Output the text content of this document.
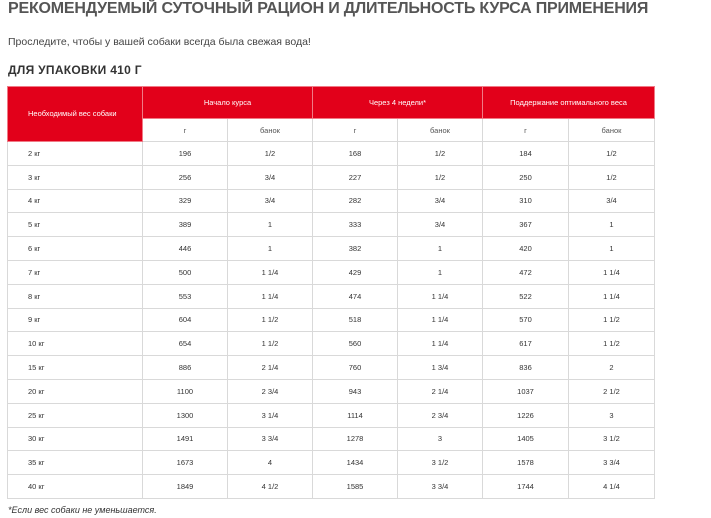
РЕКОМЕНДУЕМЫЙ СУТОЧНЫЙ РАЦИОН И ДЛИТЕЛЬНОСТЬ КУРСА ПРИМЕНЕНИЯ
Проследите, чтобы у вашей собаки всегда была свежая вода!
ДЛЯ УПАКОВКИ 410 Г
Необходимый вес собаки	Начало курса		Через 4 недели*		Поддержание оптимального веса	
	г	банок	г	банок	г	банок
2 кг	196	1/2	168	1/2	184	1/2
3 кг	256	3/4	227	1/2	250	1/2
4 кг	329	3/4	282	3/4	310	3/4
5 кг	389	1	333	3/4	367	1
6 кг	446	1	382	1	420	1
7 кг	500	1 1/4	429	1	472	1 1/4
8 кг	553	1 1/4	474	1 1/4	522	1 1/4
9 кг	604	1 1/2	518	1 1/4	570	1 1/2
10 кг	654	1 1/2	560	1 1/4	617	1 1/2
15 кг	886	2 1/4	760	1 3/4	836	2
20 кг	1100	2 3/4	943	2 1/4	1037	2 1/2
25 кг	1300	3 1/4	1114	2 3/4	1226	3
30 кг	1491	3 3/4	1278	3	1405	3 1/2
35 кг	1673	4	1434	3 1/2	1578	3 3/4
40 кг	1849	4 1/2	1585	3 3/4	1744	4 1/4
*Если вес собаки не уменьшается.
